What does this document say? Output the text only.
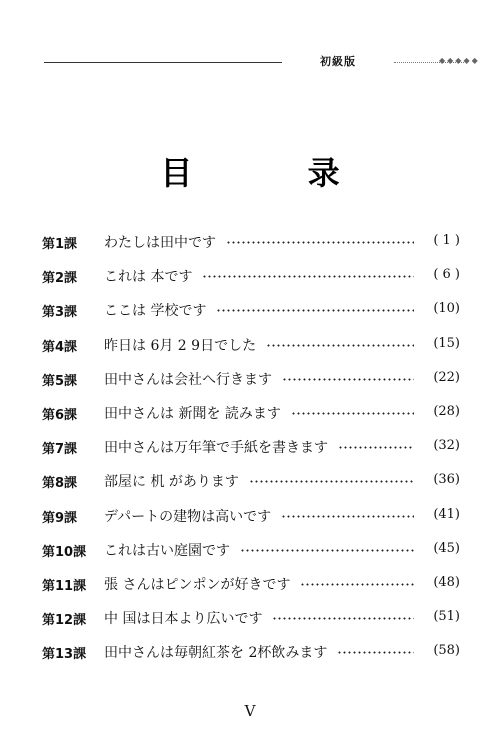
初級版	◆◆◆◆◆
目 录
第1課 わたしは田中です	( 1 )
第2課 これは 本です	( 6 )
第3課 ここは 学校です	(10)
第4課 昨日は 6月 2 9日でした	(15)
第5課 田中さんは会社へ行きます	(22)
第6課 田中さんは 新聞を 読みます	(28)
第7課 田中さんは万年筆で手紙を書きます	(32)
第8課 部屋に 机 があります	(36)
第9課 デパートの建物は高いです	(41)
第10課 これは古い庭園です	(45)
第11課 張 さんはピンポンが好きです	(48)
第12課 中 国は日本より広いです	(51)
第13課 田中さんは毎朝紅茶を 2杯飲みます	(58)
V
